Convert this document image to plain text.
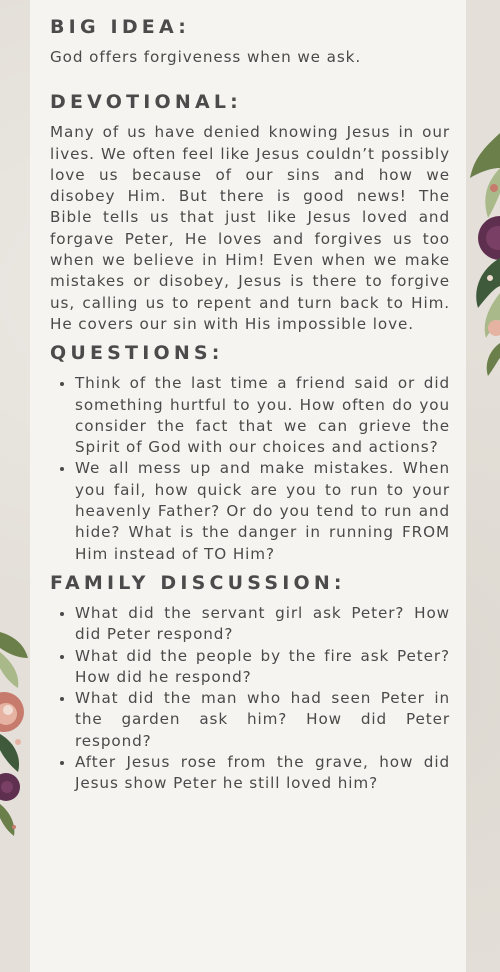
BIG IDEA:

God offers forgiveness when we ask.

DEVOTIONAL:

Many of us have denied knowing Jesus in our lives. We often feel like Jesus couldn’t possibly love us because of our sins and how we disobey Him. But there is good news! The Bible tells us that just like Jesus loved and forgave Peter, He loves and forgives us too when we believe in Him! Even when we make mistakes or disobey, Jesus is there to forgive us, calling us to repent and turn back to Him. He covers our sin with His impossible love.

QUESTIONS:
Think of the last time a friend said or did something hurtful to you. How often do you consider the fact that we can grieve the Spirit of God with our choices and actions?
We all mess up and make mistakes. When you fail, how quick are you to run to your heavenly Father? Or do you tend to run and hide? What is the danger in running FROM Him instead of TO Him?
FAMILY DISCUSSION:
What did the servant girl ask Peter? How did Peter respond?
What did the people by the fire ask Peter? How did he respond?
What did the man who had seen Peter in the garden ask him? How did Peter respond?
After Jesus rose from the grave, how did Jesus show Peter he still loved him?
